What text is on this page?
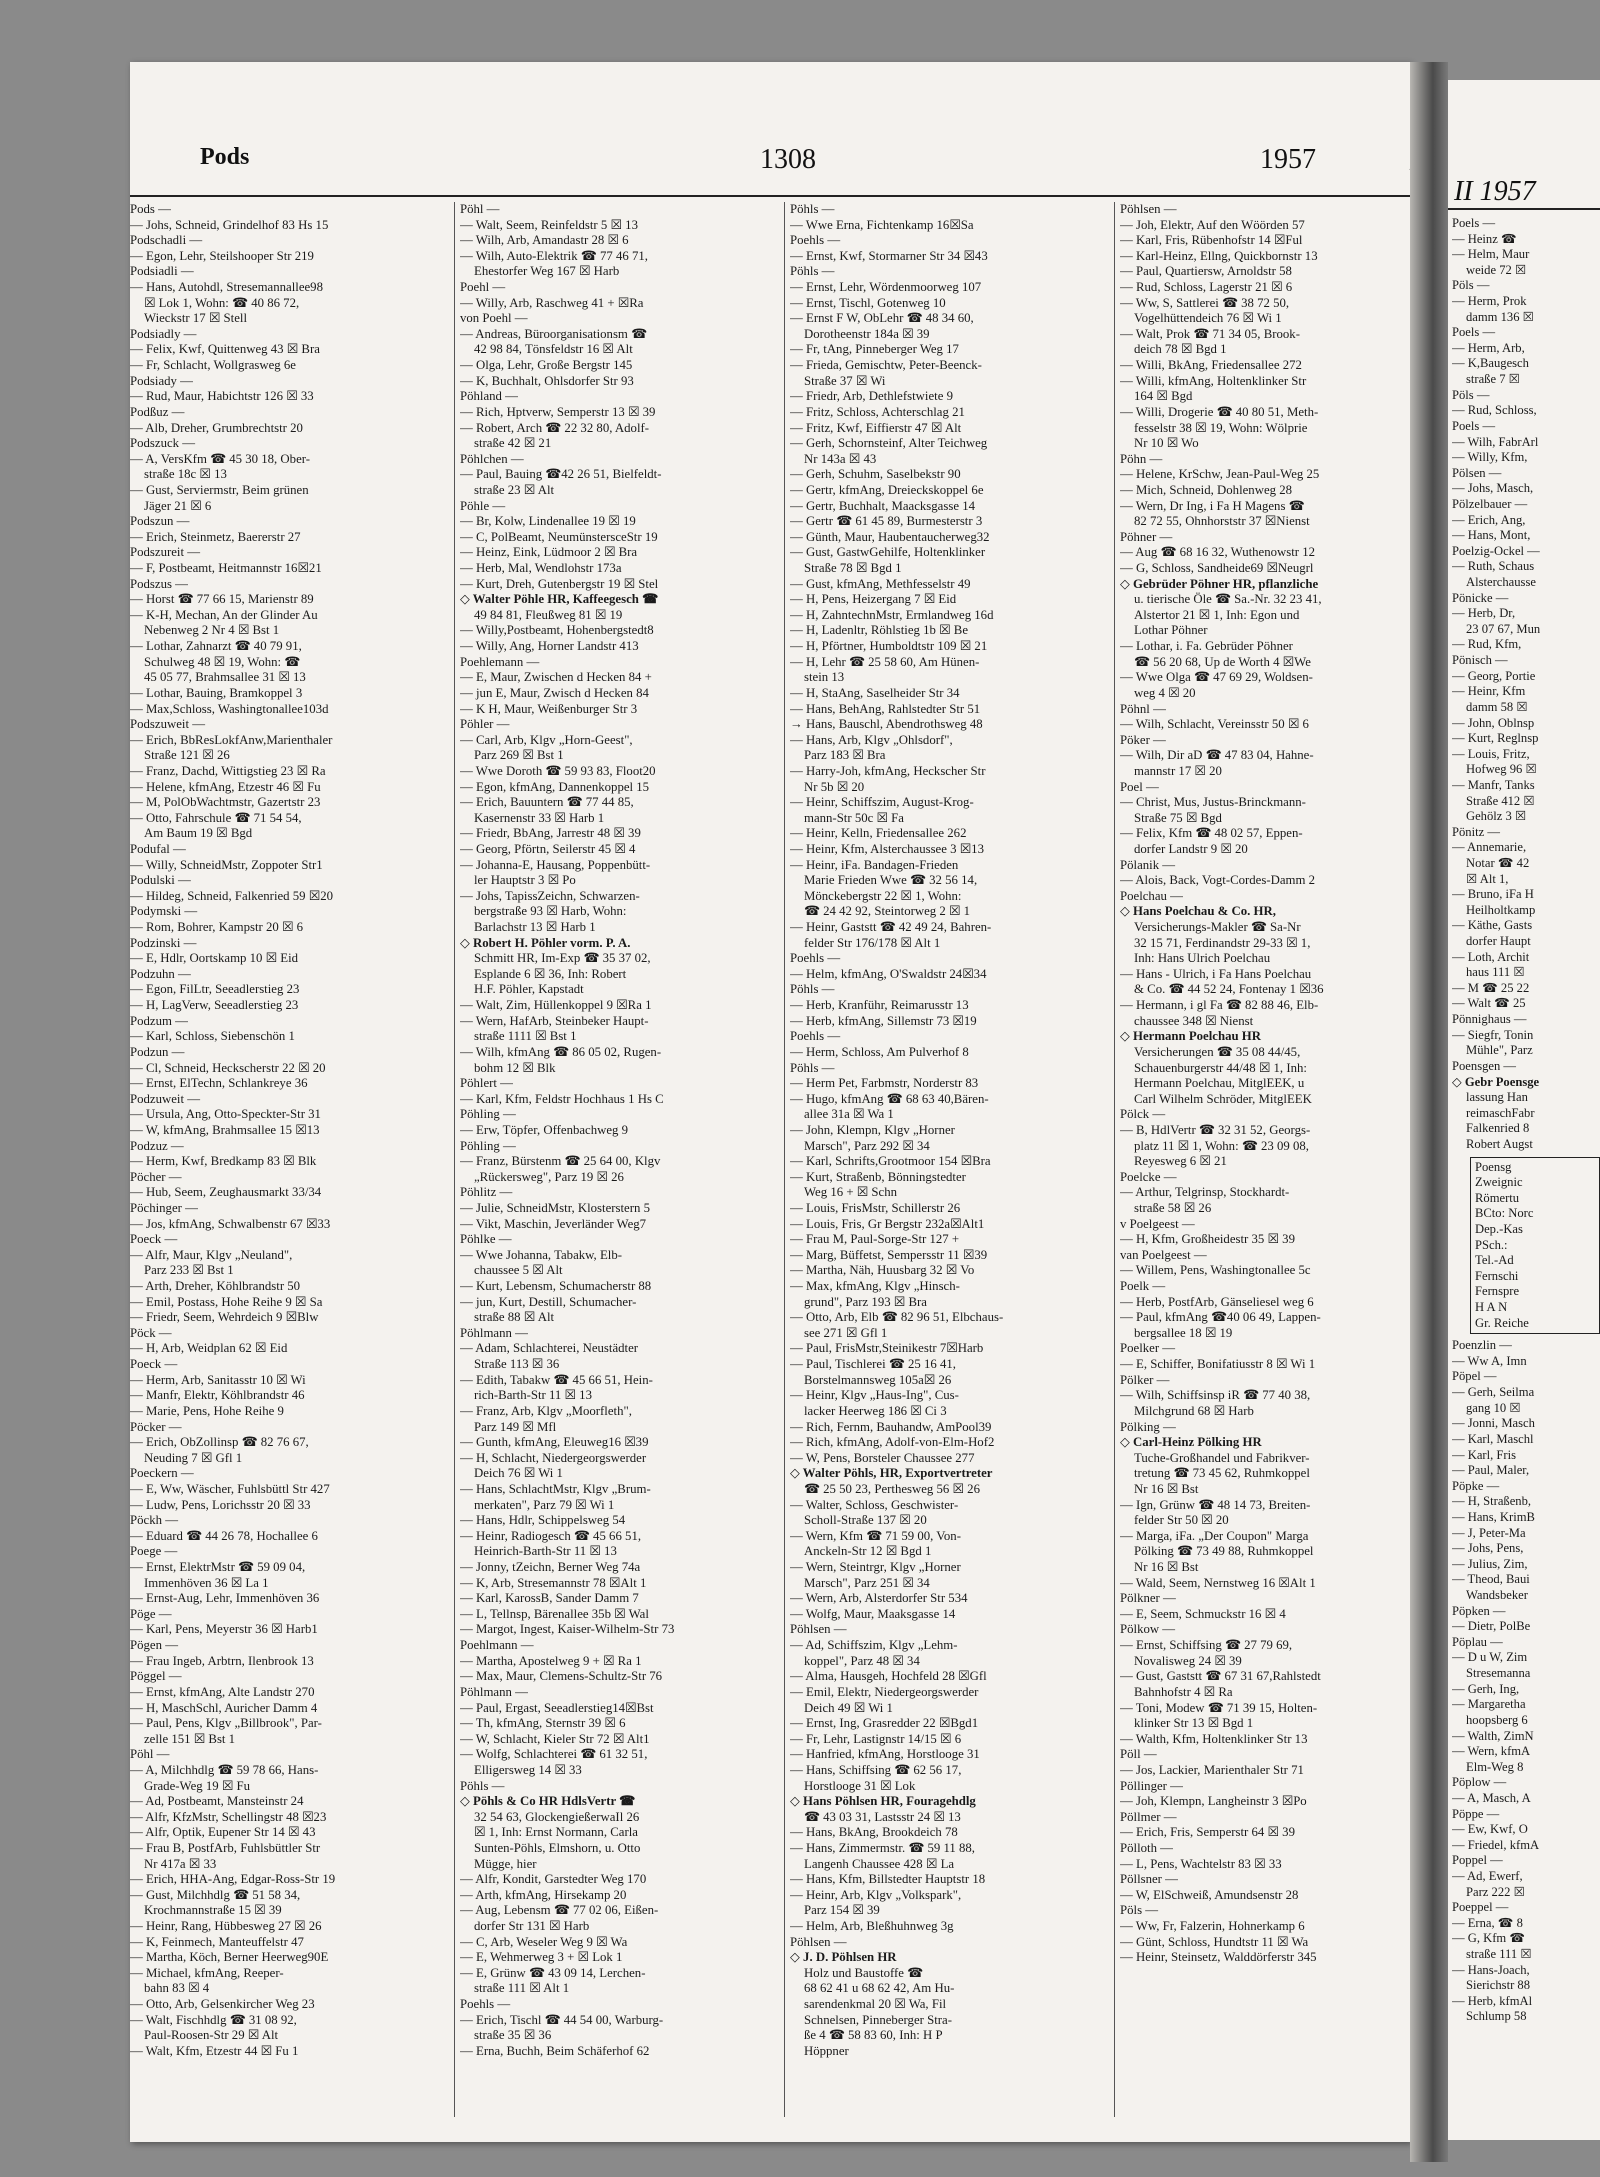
Pods	1308	1957
Pods —
— Johs, Schneid, Grindelhof 83 Hs 15
Podschadli —
— Egon, Lehr, Steilshooper Str 219
Podsiadli —
— Hans, Autohdl, Stresemannallee98
☒ Lok 1, Wohn: ☎ 40 86 72,
Wieckstr 17 ☒ Stell
Podsiadly —
— Felix, Kwf, Quittenweg 43 ☒ Bra
— Fr, Schlacht, Wollgrasweg 6e
Podsiady —
— Rud, Maur, Habichtstr 126 ☒ 33
Podßuz —
— Alb, Dreher, Grumbrechtstr 20
Podszuck —
— A, VersKfm ☎ 45 30 18, Ober-
straße 18c ☒ 13
— Gust, Serviermstr, Beim grünen
Jäger 21 ☒ 6
Podszun —
— Erich, Steinmetz, Baererstr 27
Podszureit —
— F, Postbeamt, Heitmannstr 16☒21
Podszus —
— Horst ☎ 77 66 15, Marienstr 89
— K-H, Mechan, An der Glinder Au
Nebenweg 2 Nr 4 ☒ Bst 1
— Lothar, Zahnarzt ☎ 40 79 91,
Schulweg 48 ☒ 19, Wohn: ☎
45 05 77, Brahmsallee 31 ☒ 13
— Lothar, Bauing, Bramkoppel 3
— Max,Schloss, Washingtonallee103d
Podszuweit —
— Erich, BbResLokfAnw,Marienthaler
Straße 121 ☒ 26
— Franz, Dachd, Wittigstieg 23 ☒ Ra
— Helene, kfmAng, Etzestr 46 ☒ Fu
— M, PolObWachtmstr, Gazertstr 23
— Otto, Fahrschule ☎ 71 54 54,
Am Baum 19 ☒ Bgd
Podufal —
— Willy, SchneidMstr, Zoppoter Str1
Podulski —
— Hildeg, Schneid, Falkenried 59 ☒20
Podymski —
— Rom, Bohrer, Kampstr 20 ☒ 6
Podzinski —
— E, Hdlr, Oortskamp 10 ☒ Eid
Podzuhn —
— Egon, FilLtr, Seeadlerstieg 23
— H, LagVerw, Seeadlerstieg 23
Podzum —
— Karl, Schloss, Siebenschön 1
Podzun —
— Cl, Schneid, Heckscherstr 22 ☒ 20
— Ernst, ElTechn, Schlankreye 36
Podzuweit —
— Ursula, Ang, Otto-Speckter-Str 31
— W, kfmAng, Brahmsallee 15 ☒13
Podzuz —
— Herm, Kwf, Bredkamp 83 ☒ Blk
Pöcher —
— Hub, Seem, Zeughausmarkt 33/34
Pöchinger —
— Jos, kfmAng, Schwalbenstr 67 ☒33
Poeck —
— Alfr, Maur, Klgv „Neuland",
Parz 233 ☒ Bst 1
— Arth, Dreher, Köhlbrandstr 50
— Emil, Postass, Hohe Reihe 9 ☒ Sa
— Friedr, Seem, Wehrdeich 9 ☒Blw
Pöck —
— H, Arb, Weidplan 62 ☒ Eid
Poeck —
— Herm, Arb, Sanitasstr 10 ☒ Wi
— Manfr, Elektr, Köhlbrandstr 46
— Marie, Pens, Hohe Reihe 9
Pöcker —
— Erich, ObZollinsp ☎ 82 76 67,
Neuding 7 ☒ Gfl 1
Poeckern —
— E, Ww, Wäscher, Fuhlsbüttl Str 427
— Ludw, Pens, Lorichsstr 20 ☒ 33
Pöckh —
— Eduard ☎ 44 26 78, Hochallee 6
Poege —
— Ernst, ElektrMstr ☎ 59 09 04,
Immenhöven 36 ☒ La 1
— Ernst-Aug, Lehr, Immenhöven 36
Pöge —
— Karl, Pens, Meyerstr 36 ☒ Harb1
Pögen —
— Frau Ingeb, Arbtrn, Ilenbrook 13
Pöggel —
— Ernst, kfmAng, Alte Landstr 270
— H, MaschSchl, Auricher Damm 4
— Paul, Pens, Klgv „Billbrook", Par-
zelle 151 ☒ Bst 1
Pöhl —
— A, Milchhdlg ☎ 59 78 66, Hans-
Grade-Weg 19 ☒ Fu
— Ad, Postbeamt, Mansteinstr 24
— Alfr, KfzMstr, Schellingstr 48 ☒23
— Alfr, Optik, Eupener Str 14 ☒ 43
— Frau B, PostfArb, Fuhlsbüttler Str
Nr 417a ☒ 33
— Erich, HHA-Ang, Edgar-Ross-Str 19
— Gust, Milchhdlg ☎ 51 58 34,
Krochmannstraße 15 ☒ 39
— Heinr, Rang, Hübbesweg 27 ☒ 26
— K, Feinmech, Manteuffelstr 47
— Martha, Köch, Berner Heerweg90E
— Michael, kfmAng, Reeper-
bahn 83 ☒ 4
— Otto, Arb, Gelsenkircher Weg 23
— Walt, Fischhdlg ☎ 31 08 92,
Paul-Roosen-Str 29 ☒ Alt
— Walt, Kfm, Etzestr 44 ☒ Fu 1
Pöhl —
— Walt, Seem, Reinfeldstr 5 ☒ 13
— Wilh, Arb, Amandastr 28 ☒ 6
— Wilh, Auto-Elektrik ☎ 77 46 71,
Ehestorfer Weg 167 ☒ Harb
Poehl —
— Willy, Arb, Raschweg 41 + ☒Ra
von Poehl —
— Andreas, Büroorganisationsm ☎
42 98 84, Tönsfeldstr 16 ☒ Alt
— Olga, Lehr, Große Bergstr 145
— K, Buchhalt, Ohlsdorfer Str 93
Pöhland —
— Rich, Hptverw, Semperstr 13 ☒ 39
— Robert, Arch ☎ 22 32 80, Adolf-
straße 42 ☒ 21
Pöhlchen —
— Paul, Bauing ☎42 26 51, Bielfeldt-
straße 23 ☒ Alt
Pöhle —
— Br, Kolw, Lindenallee 19 ☒ 19
— C, PolBeamt, NeumünstersceStr 19
— Heinz, Eink, Lüdmoor 2 ☒ Bra
— Herb, Mal, Wendlohstr 173a
— Kurt, Dreh, Gutenbergstr 19 ☒ Stel
◇ Walter Pöhle HR, Kaffeegesch ☎
49 84 81, Fleußweg 81 ☒ 19
— Willy,Postbeamt, Hohenbergstedt8
— Willy, Ang, Horner Landstr 413
Poehlemann —
— E, Maur, Zwischen d Hecken 84 +
— jun E, Maur, Zwisch d Hecken 84
— K H, Maur, Weißenburger Str 3
Pöhler —
— Carl, Arb, Klgv „Horn-Geest",
Parz 269 ☒ Bst 1
— Wwe Doroth ☎ 59 93 83, Floot20
— Egon, kfmAng, Dannenkoppel 15
— Erich, Bauuntern ☎ 77 44 85,
Kasernenstr 33 ☒ Harb 1
— Friedr, BbAng, Jarrestr 48 ☒ 39
— Georg, Pförtn, Seilerstr 45 ☒ 4
— Johanna-E, Hausang, Poppenbütt-
ler Hauptstr 3 ☒ Po
— Johs, TapissZeichn, Schwarzen-
bergstraße 93 ☒ Harb, Wohn:
Barlachstr 13 ☒ Harb 1
◇ Robert H. Pöhler vorm. P. A.
Schmitt HR, Im-Exp ☎ 35 37 02,
Esplande 6 ☒ 36, Inh: Robert
H.F. Pöhler, Kapstadt
— Walt, Zim, Hüllenkoppel 9 ☒Ra 1
— Wern, HafArb, Steinbeker Haupt-
straße 1111 ☒ Bst 1
— Wilh, kfmAng ☎ 86 05 02, Rugen-
bohm 12 ☒ Blk
Pöhlert —
— Karl, Kfm, Feldstr Hochhaus 1 Hs C
Pöhling —
— Erw, Töpfer, Offenbachweg 9
Pöhling —
— Franz, Bürstenm ☎ 25 64 00, Klgv
„Rückersweg", Parz 19 ☒ 26
Pöhlitz —
— Julie, SchneidMstr, Klosterstern 5
— Vikt, Maschin, Jeverländer Weg7
Pöhlke —
— Wwe Johanna, Tabakw, Elb-
chaussee 5 ☒ Alt
— Kurt, Lebensm, Schumacherstr 88
— jun, Kurt, Destill, Schumacher-
straße 88 ☒ Alt
Pöhlmann —
— Adam, Schlachterei, Neustädter
Straße 113 ☒ 36
— Edith, Tabakw ☎ 45 66 51, Hein-
rich-Barth-Str 11 ☒ 13
— Franz, Arb, Klgv „Moorfleth",
Parz 149 ☒ Mfl
— Gunth, kfmAng, Eleuweg16 ☒39
— H, Schlacht, Niedergeorgswerder
Deich 76 ☒ Wi 1
— Hans, SchlachtMstr, Klgv „Brum-
merkaten", Parz 79 ☒ Wi 1
— Hans, Hdlr, Schippelsweg 54
— Heinr, Radiogesch ☎ 45 66 51,
Heinrich-Barth-Str 11 ☒ 13
— Jonny, tZeichn, Berner Weg 74a
— K, Arb, Stresemannstr 78 ☒Alt 1
— Karl, KarossB, Sander Damm 7
— L, Tellnsp, Bärenallee 35b ☒ Wal
— Margot, Ingest, Kaiser-Wilhelm-Str 73
Poehlmann —
— Martha, Apostelweg 9 + ☒ Ra 1
— Max, Maur, Clemens-Schultz-Str 76
Pöhlmann —
— Paul, Ergast, Seeadlerstieg14☒Bst
— Th, kfmAng, Sternstr 39 ☒ 6
— W, Schlacht, Kieler Str 72 ☒ Alt1
— Wolfg, Schlachterei ☎ 61 32 51,
Elligersweg 14 ☒ 33
Pöhls —
◇ Pöhls & Co HR HdlsVertr ☎
32 54 63, GlockengießerwaIl 26
☒ 1, Inh: Ernst Normann, Carla
Sunten-Pöhls, Elmshorn, u. Otto
Mügge, hier
— Alfr, Kondit, Garstedter Weg 170
— Arth, kfmAng, Hirsekamp 20
— Aug, Lebensm ☎ 77 02 06, Eißen-
dorfer Str 131 ☒ Harb
— C, Arb, Weseler Weg 9 ☒ Wa
— E, Wehmerweg 3 + ☒ Lok 1
— E, Grünw ☎ 43 09 14, Lerchen-
straße 111 ☒ Alt 1
Poehls —
— Erich, Tischl ☎ 44 54 00, Warburg-
straße 35 ☒ 36
— Erna, Buchh, Beim Schäferhof 62
Pöhls —
— Wwe Erna, Fichtenkamp 16☒Sa
Poehls —
— Ernst, Kwf, Stormarner Str 34 ☒43
Pöhls —
— Ernst, Lehr, Wördenmoorweg 107
— Ernst, Tischl, Gotenweg 10
— Ernst F W, ObLehr ☎ 48 34 60,
Dorotheenstr 184a ☒ 39
— Fr, tAng, Pinneberger Weg 17
— Frieda, Gemischtw, Peter-Beenck-
Straße 37 ☒ Wi
— Friedr, Arb, Dethlefstwiete 9
— Fritz, Schloss, Achterschlag 21
— Fritz, Kwf, Eiffierstr 47 ☒ Alt
— Gerh, Schornsteinf, Alter Teichweg
Nr 143a ☒ 43
— Gerh, Schuhm, Saselbekstr 90
— Gertr, kfmAng, Dreieckskoppel 6e
— Gertr, Buchhalt, Maacksgasse 14
— Gertr ☎ 61 45 89, Burmesterstr 3
— Günth, Maur, Haubentaucherweg32
— Gust, GastwGehilfe, Holtenklinker
Straße 78 ☒ Bgd 1
— Gust, kfmAng, Methfesselstr 49
— H, Pens, Heizergang 7 ☒ Eid
— H, ZahntechnMstr, Ermlandweg 16d
— H, Ladenltr, Röhlstieg 1b ☒ Be
— H, Pförtner, Humboldtstr 109 ☒ 21
— H, Lehr ☎ 25 58 60, Am Hünen-
stein 13
— H, StaAng, Saselheider Str 34
— Hans, BehAng, Rahlstedter Str 51
→ Hans, Bauschl, Abendrothsweg 48
— Hans, Arb, Klgv „Ohlsdorf",
Parz 183 ☒ Bra
— Harry-Joh, kfmAng, Heckscher Str
Nr 5b ☒ 20
— Heinr, Schiffszim, August-Krog-
mann-Str 50c ☒ Fa
— Heinr, Kelln, Friedensallee 262
— Heinr, Kfm, Alsterchaussee 3 ☒13
— Heinr, iFa. Bandagen-Frieden
Marie Frieden Wwe ☎ 32 56 14,
Mönckebergstr 22 ☒ 1, Wohn:
☎ 24 42 92, Steintorweg 2 ☒ 1
— Heinr, Gaststt ☎ 42 49 24, Bahren-
felder Str 176/178 ☒ Alt 1
Poehls —
— Helm, kfmAng, O'Swaldstr 24☒34
Pöhls —
— Herb, Kranführ, Reimarusstr 13
— Herb, kfmAng, Sillemstr 73 ☒19
Poehls —
— Herm, Schloss, Am Pulverhof 8
Pöhls —
— Herm Pet, Farbmstr, Norderstr 83
— Hugo, kfmAng ☎ 68 63 40,Bären-
allee 31a ☒ Wa 1
— John, Klempn, Klgv „Horner
Marsch", Parz 292 ☒ 34
— Karl, Schrifts,Grootmoor 154 ☒Bra
— Kurt, Straßenb, Bönningstedter
Weg 16 + ☒ Schn
— Louis, FrisMstr, Schillerstr 26
— Louis, Fris, Gr Bergstr 232a☒Alt1
— Frau M, Paul-Sorge-Str 127 +
— Marg, Büffetst, Sempersstr 11 ☒39
— Martha, Näh, Huusbarg 32 ☒ Vo
— Max, kfmAng, Klgv „Hinsch-
grund", Parz 193 ☒ Bra
— Otto, Arb, Elb ☎ 82 96 51, Elbchaus-
see 271 ☒ Gfl 1
— Paul, FrisMstr,Steinikestr 7☒Harb
— Paul, Tischlerei ☎ 25 16 41,
Borstelmannsweg 105a☒ 26
— Heinr, Klgv „Haus-Ing", Cus-
lacker Heerweg 186 ☒ Ci 3
— Rich, Fernm, Bauhandw, AmPool39
— Rich, kfmAng, Adolf-von-Elm-Hof2
— W, Pens, Borsteler Chaussee 277
◇ Walter Pöhls, HR, Exportvertreter
☎ 25 50 23, Perthesweg 56 ☒ 26
— Walter, Schloss, Geschwister-
Scholl-Straße 137 ☒ 20
— Wern, Kfm ☎ 71 59 00, Von-
Anckeln-Str 12 ☒ Bgd 1
— Wern, Steintrgr, Klgv „Horner
Marsch", Parz 251 ☒ 34
— Wern, Arb, Alsterdorfer Str 534
— Wolfg, Maur, Maaksgasse 14
Pöhlsen —
— Ad, Schiffszim, Klgv „Lehm-
koppel", Parz 48 ☒ 34
— Alma, Hausgeh, Hochfeld 28 ☒Gfl
— Emil, Elektr, Niedergeorgswerder
Deich 49 ☒ Wi 1
— Ernst, Ing, Grasredder 22 ☒Bgd1
— Fr, Lehr, Lastignstr 14/15 ☒ 6
— Hanfried, kfmAng, Horstlooge 31
— Hans, Schiffsing ☎ 62 56 17,
Horstlooge 31 ☒ Lok
◇ Hans Pöhlsen HR, Fouragehdlg
☎ 43 03 31, Lastsstr 24 ☒ 13
— Hans, BkAng, Brookdeich 78
— Hans, Zimmermstr. ☎ 59 11 88,
Langenh Chaussee 428 ☒ La
— Hans, Kfm, Billstedter Hauptstr 18
— Heinr, Arb, Klgv „Volkspark",
Parz 154 ☒ 39
— Helm, Arb, Bleßhuhnweg 3g
Pöhlsen —
◇ J. D. Pöhlsen HR
Holz und Baustoffe ☎
68 62 41 u 68 62 42, Am Hu-
sarendenkmal 20 ☒ Wa, Fil
Schnelsen, Pinneberger Stra-
ße 4 ☎ 58 83 60, Inh: H P
Höppner
Pöhlsen —
— Joh, Elektr, Auf den Wöörden 57
— Karl, Fris, Rübenhofstr 14 ☒Ful
— Karl-Heinz, Ellng, Quickbornstr 13
— Paul, Quartiersw, Arnoldstr 58
— Rud, Schloss, Lagerstr 21 ☒ 6
— Ww, S, Sattlerei ☎ 38 72 50,
Vogelhüttendeich 76 ☒ Wi 1
— Walt, Prok ☎ 71 34 05, Brook-
deich 78 ☒ Bgd 1
— Willi, BkAng, Friedensallee 272
— Willi, kfmAng, Holtenklinker Str
164 ☒ Bgd
— Willi, Drogerie ☎ 40 80 51, Meth-
fesselstr 38 ☒ 19, Wohn: Wölprie
Nr 10 ☒ Wo
Pöhn —
— Helene, KrSchw, Jean-Paul-Weg 25
— Mich, Schneid, Dohlenweg 28
— Wern, Dr Ing, i Fa H Magens ☎
82 72 55, Ohnhorststr 37 ☒Nienst
Pöhner —
— Aug ☎ 68 16 32, Wuthenowstr 12
— G, Schloss, Sandheide69 ☒Neugrl
◇ Gebrüder Pöhner HR, pflanzliche
u. tierische Öle ☎ Sa.-Nr. 32 23 41,
Alstertor 21 ☒ 1, Inh: Egon und
Lothar Pöhner
— Lothar, i. Fa. Gebrüder Pöhner
☎ 56 20 68, Up de Worth 4 ☒We
— Wwe Olga ☎ 47 69 29, Woldsen-
weg 4 ☒ 20
Pöhnl —
— Wilh, Schlacht, Vereinsstr 50 ☒ 6
Pöker —
— Wilh, Dir aD ☎ 47 83 04, Hahne-
mannstr 17 ☒ 20
Poel —
— Christ, Mus, Justus-Brinckmann-
Straße 75 ☒ Bgd
— Felix, Kfm ☎ 48 02 57, Eppen-
dorfer Landstr 9 ☒ 20
Pölanik —
— Alois, Back, Vogt-Cordes-Damm 2
Poelchau —
◇ Hans Poelchau & Co. HR,
Versicherungs-Makler ☎ Sa-Nr
32 15 71, Ferdinandstr 29-33 ☒ 1,
Inh: Hans Ulrich Poelchau
— Hans - Ulrich, i Fa Hans Poelchau
& Co. ☎ 44 52 24, Fontenay 1 ☒36
— Hermann, i gl Fa ☎ 82 88 46, Elb-
chaussee 348 ☒ Nienst
◇ Hermann Poelchau HR
Versicherungen ☎ 35 08 44/45,
Schauenburgerstr 44/48 ☒ 1, Inh:
Hermann Poelchau, MitglEEK, u
Carl Wilhelm Schröder, MitglEEK
Pölck —
— B, HdlVertr ☎ 32 31 52, Georgs-
platz 11 ☒ 1, Wohn: ☎ 23 09 08,
Reyesweg 6 ☒ 21
Poelcke —
— Arthur, Telgrinsp, Stockhardt-
straße 58 ☒ 26
v Poelgeest —
— H, Kfm, Großheidestr 35 ☒ 39
van Poelgeest —
— Willem, Pens, Washingtonallee 5c
Poelk —
— Herb, PostfArb, Gänseliesel weg 6
— Paul, kfmAng ☎40 06 49, Lappen-
bergsallee 18 ☒ 19
Poelker —
— E, Schiffer, Bonifatiusstr 8 ☒ Wi 1
Pölker —
— Wilh, Schiffsinsp iR ☎ 77 40 38,
Milchgrund 68 ☒ Harb
Pölking —
◇ Carl-Heinz Pölking HR
Tuche-Großhandel und Fabrikver-
tretung ☎ 73 45 62, Ruhmkoppel
Nr 16 ☒ Bst
— Ign, Grünw ☎ 48 14 73, Breiten-
felder Str 50 ☒ 20
— Marga, iFa. „Der Coupon" Marga
Pölking ☎ 73 49 88, Ruhmkoppel
Nr 16 ☒ Bst
— Wald, Seem, Nernstweg 16 ☒Alt 1
Pölkner —
— E, Seem, Schmuckstr 16 ☒ 4
Pölkow —
— Ernst, Schiffsing ☎ 27 79 69,
Novalisweg 24 ☒ 39
— Gust, Gaststt ☎ 67 31 67,Rahlstedt
Bahnhofstr 4 ☒ Ra
— Toni, Modew ☎ 71 39 15, Holten-
klinker Str 13 ☒ Bgd 1
— Walth, Kfm, Holtenklinker Str 13
Pöll —
— Jos, Lackier, Marienthaler Str 71
Pöllinger —
— Joh, Klempn, Langheinstr 3 ☒Po
Pöllmer —
— Erich, Fris, Semperstr 64 ☒ 39
Pölloth —
— L, Pens, Wachtelstr 83 ☒ 33
Pöllsner —
— W, ElSchweiß, Amundsenstr 28
Pöls —
— Ww, Fr, Falzerin, Hohnerkamp 6
— Günt, Schloss, Hundtstr 11 ☒ Wa
— Heinr, Steinsetz, Walddörferstr 345
II 1957
Poels —
— Heinz ☎
— Helm, Maur
weide 72 ☒
Pöls —
— Herm, Prok
damm 136 ☒
Poels —
— Herm, Arb,
— K,Baugesch
straße 7 ☒
Pöls —
— Rud, Schloss,
Poels —
— Wilh, FabrArl
— Willy, Kfm,
Pölsen —
— Johs, Masch,
Pölzelbauer —
— Erich, Ang,
— Hans, Mont,
Poelzig-Ockel —
— Ruth, Schaus
Alsterchausse
Pönicke —
— Herb, Dr,
23 07 67, Mun
— Rud, Kfm,
Pönisch —
— Georg, Portie
— Heinr, Kfm
damm 58 ☒
— John, Oblnsp
— Kurt, Reglnsp
— Louis, Fritz,
Hofweg 96 ☒
— Manfr, Tanks
Straße 412 ☒
Gehölz 3 ☒
Pönitz —
— Annemarie,
Notar ☎ 42
☒ Alt 1,
— Bruno, iFa H
Heilholtkamp
— Käthe, Gasts
dorfer Haupt
— Loth, Archit
haus 111 ☒
— M ☎ 25 22
— Walt ☎ 25
Pönnighaus —
— Siegfr, Tonin
Mühle", Parz
Poensgen —
◇ Gebr Poensge
lassung Han
reimaschFabr
Falkenried 8
Robert Augst
Poensg
Zweignic
Römertu
BCto: Norc
Dep.-Kas
PSch.:
Tel.-Ad
Fernschi
Fernspre
H A N
Gr. Reiche
Poenzlin —
— Ww A, Imn
Pöpel —
— Gerh, Seilma
gang 10 ☒
— Jonni, Masch
— Karl, Maschl
— Karl, Fris
— Paul, Maler,
Pöpke —
— H, Straßenb,
— Hans, KrimB
— J, Peter-Ma
— Johs, Pens,
— Julius, Zim,
— Theod, Baui
Wandsbeker
Pöpken —
— Dietr, PolBe
Pöplau —
— D u W, Zim
Stresemanna
— Gerh, Ing,
— Margaretha
hoopsberg 6
— Walth, ZimN
— Wern, kfmA
Elm-Weg 8
Pöplow —
— A, Masch, A
Pöppe —
— Ew, Kwf, O
— Friedel, kfmA
Poppel —
— Ad, Ewerf,
Parz 222 ☒
Poeppel —
— Erna, ☎ 8
— G, Kfm ☎
straße 111 ☒
— Hans-Joach,
Sierichstr 88
— Herb, kfmAl
Schlump 58
